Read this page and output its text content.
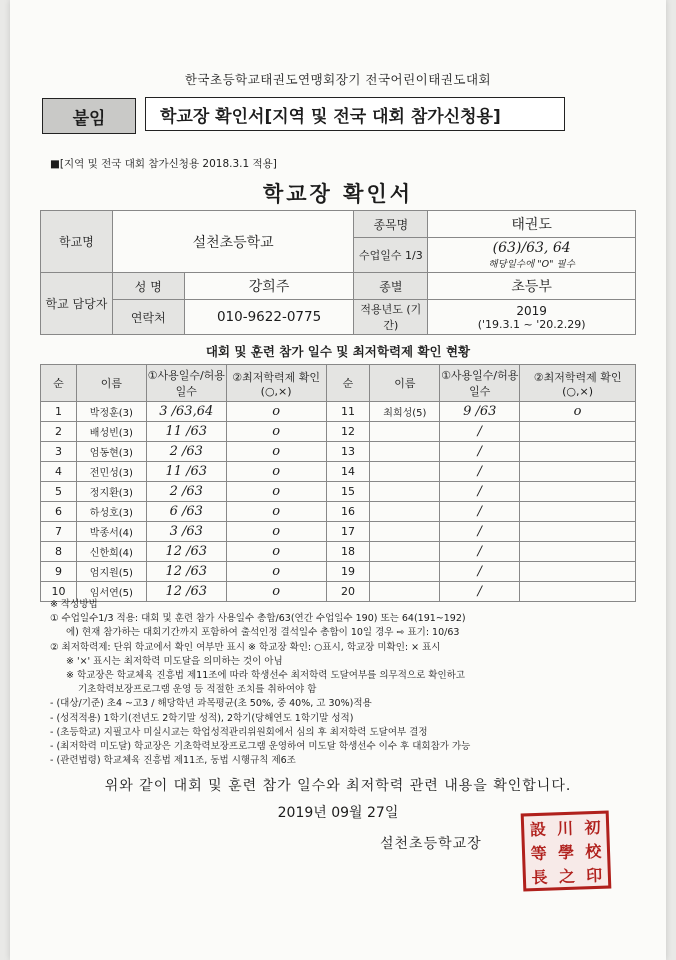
한국초등학교태권도연맹회장기 전국어린이태권도대회
붙임	학교장 확인서[지역 및 전국 대회 참가신청용]
■[지역 및 전국 대회 참가신청용 2018.3.1 적용]
학교장 확인서
학교명	설천초등학교		종목명	태권도
			수업일수 1/3	(63)/63, 64
해당일수에 "O" 필수

학교 담당자	성 명	강희주	종별	초등부
	연락처	010-9622-0775	적용년도 (기간)	2019
('19.3.1 ~ '20.2.29)
대회 및 훈련 참가 일수 및 최저학력제 확인 현황
순	이름	①사용일수/허용일수	②최저학력제 확인(○,×)	순	이름	①사용일수/허용일수	②최저학력제 확인(○,×)
1	박정훈(3)	3 /63,64	o	11	최희성(5)	9 /63	o
2	배성빈(3)	11 /63	o	12		/	
3	엄동현(3)	2 /63	o	13		/	
4	전민성(3)	11 /63	o	14		/	
5	정지환(3)	2 /63	o	15		/	
6	하성호(3)	6 /63	o	16		/	
7	박종서(4)	3 /63	o	17		/	
8	신한희(4)	12 /63	o	18		/	
9	엄지원(5)	12 /63	o	19		/	
10	임서연(5)	12 /63	o	20		/	
※ 작성방법
① 수업일수1/3 적용: 대회 및 훈련 참가 사용일수 총합/63(연간 수업일수 190) 또는 64(191~192)
에) 현재 참가하는 대회기간까지 포함하여 출석인정 결석일수 총합이 10일 경우 ⇨ 표기: 10/63
② 최저학력제: 단위 학교에서 확인 여부만 표시 ※ 학교장 확인: ○표시, 학교장 미확인: × 표시
※ '×' 표시는 최저학력 미도달을 의미하는 것이 아님
※ 학교장은 학교체육 진흥법 제11조에 따라 학생선수 최저학력 도달여부를 의무적으로 확인하고
기초학력보장프로그램 운영 등 적절한 조치를 취하여야 함
- (대상/기준) 초4 ~고3 / 해당학년 과목평균(초 50%, 중 40%, 고 30%)적용
- (성적적용) 1학기(전년도 2학기말 성적), 2학기(당해연도 1학기말 성적)
- (초등학교) 지필고사 미실시교는 학업성적관리위원회에서 심의 후 최저학력 도달여부 결정
- (최저학력 미도달) 학교장은 기초학력보장프로그램 운영하여 미도달 학생선수 이수 후 대회참가 가능
- (관련법령) 학교체육 진흥법 제11조, 동법 시행규칙 제6조
위와 같이 대회 및 훈련 참가 일수와 최저학력 관련 내용을 확인합니다.
2019년 09월 27일
설천초등학교장
設 川 初
等 學 校
長 之 印
